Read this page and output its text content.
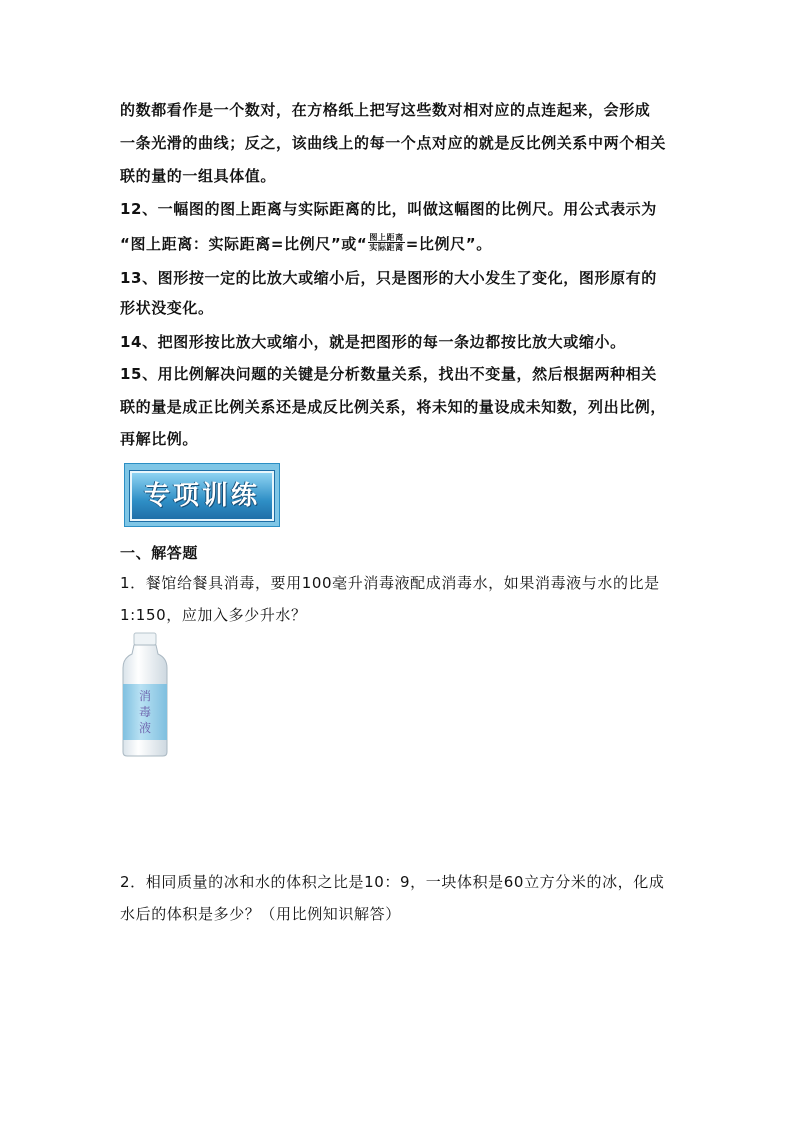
的数都看作是一个数对，在方格纸上把写这些数对相对应的点连起来，会形成
一条光滑的曲线；反之，该曲线上的每一个点对应的就是反比例关系中两个相关
联的量的一组具体值。
12、一幅图的图上距离与实际距离的比，叫做这幅图的比例尺。用公式表示为
“图上距离：实际距离=比例尺”或“ $\frac{\text{图上距离}}{\text{实际距离}}$ =比例尺”。
13、图形按一定的比放大或缩小后，只是图形的大小发生了变化，图形原有的
形状没变化。
14、把图形按比放大或缩小，就是把图形的每一条边都按比放大或缩小。
15、用比例解决问题的关键是分析数量关系，找出不变量，然后根据两种相关
联的量是成正比例关系还是成反比例关系，将未知的量设成未知数，列出比例，
再解比例。
专项训练
一、解答题
1．餐馆给餐具消毒，要用100毫升消毒液配成消毒水，如果消毒液与水的比是
1:150，应加入多少升水？
消
毒
液
2．相同质量的冰和水的体积之比是10：9，一块体积是60立方分米的冰，化成
水后的体积是多少？（用比例知识解答）
